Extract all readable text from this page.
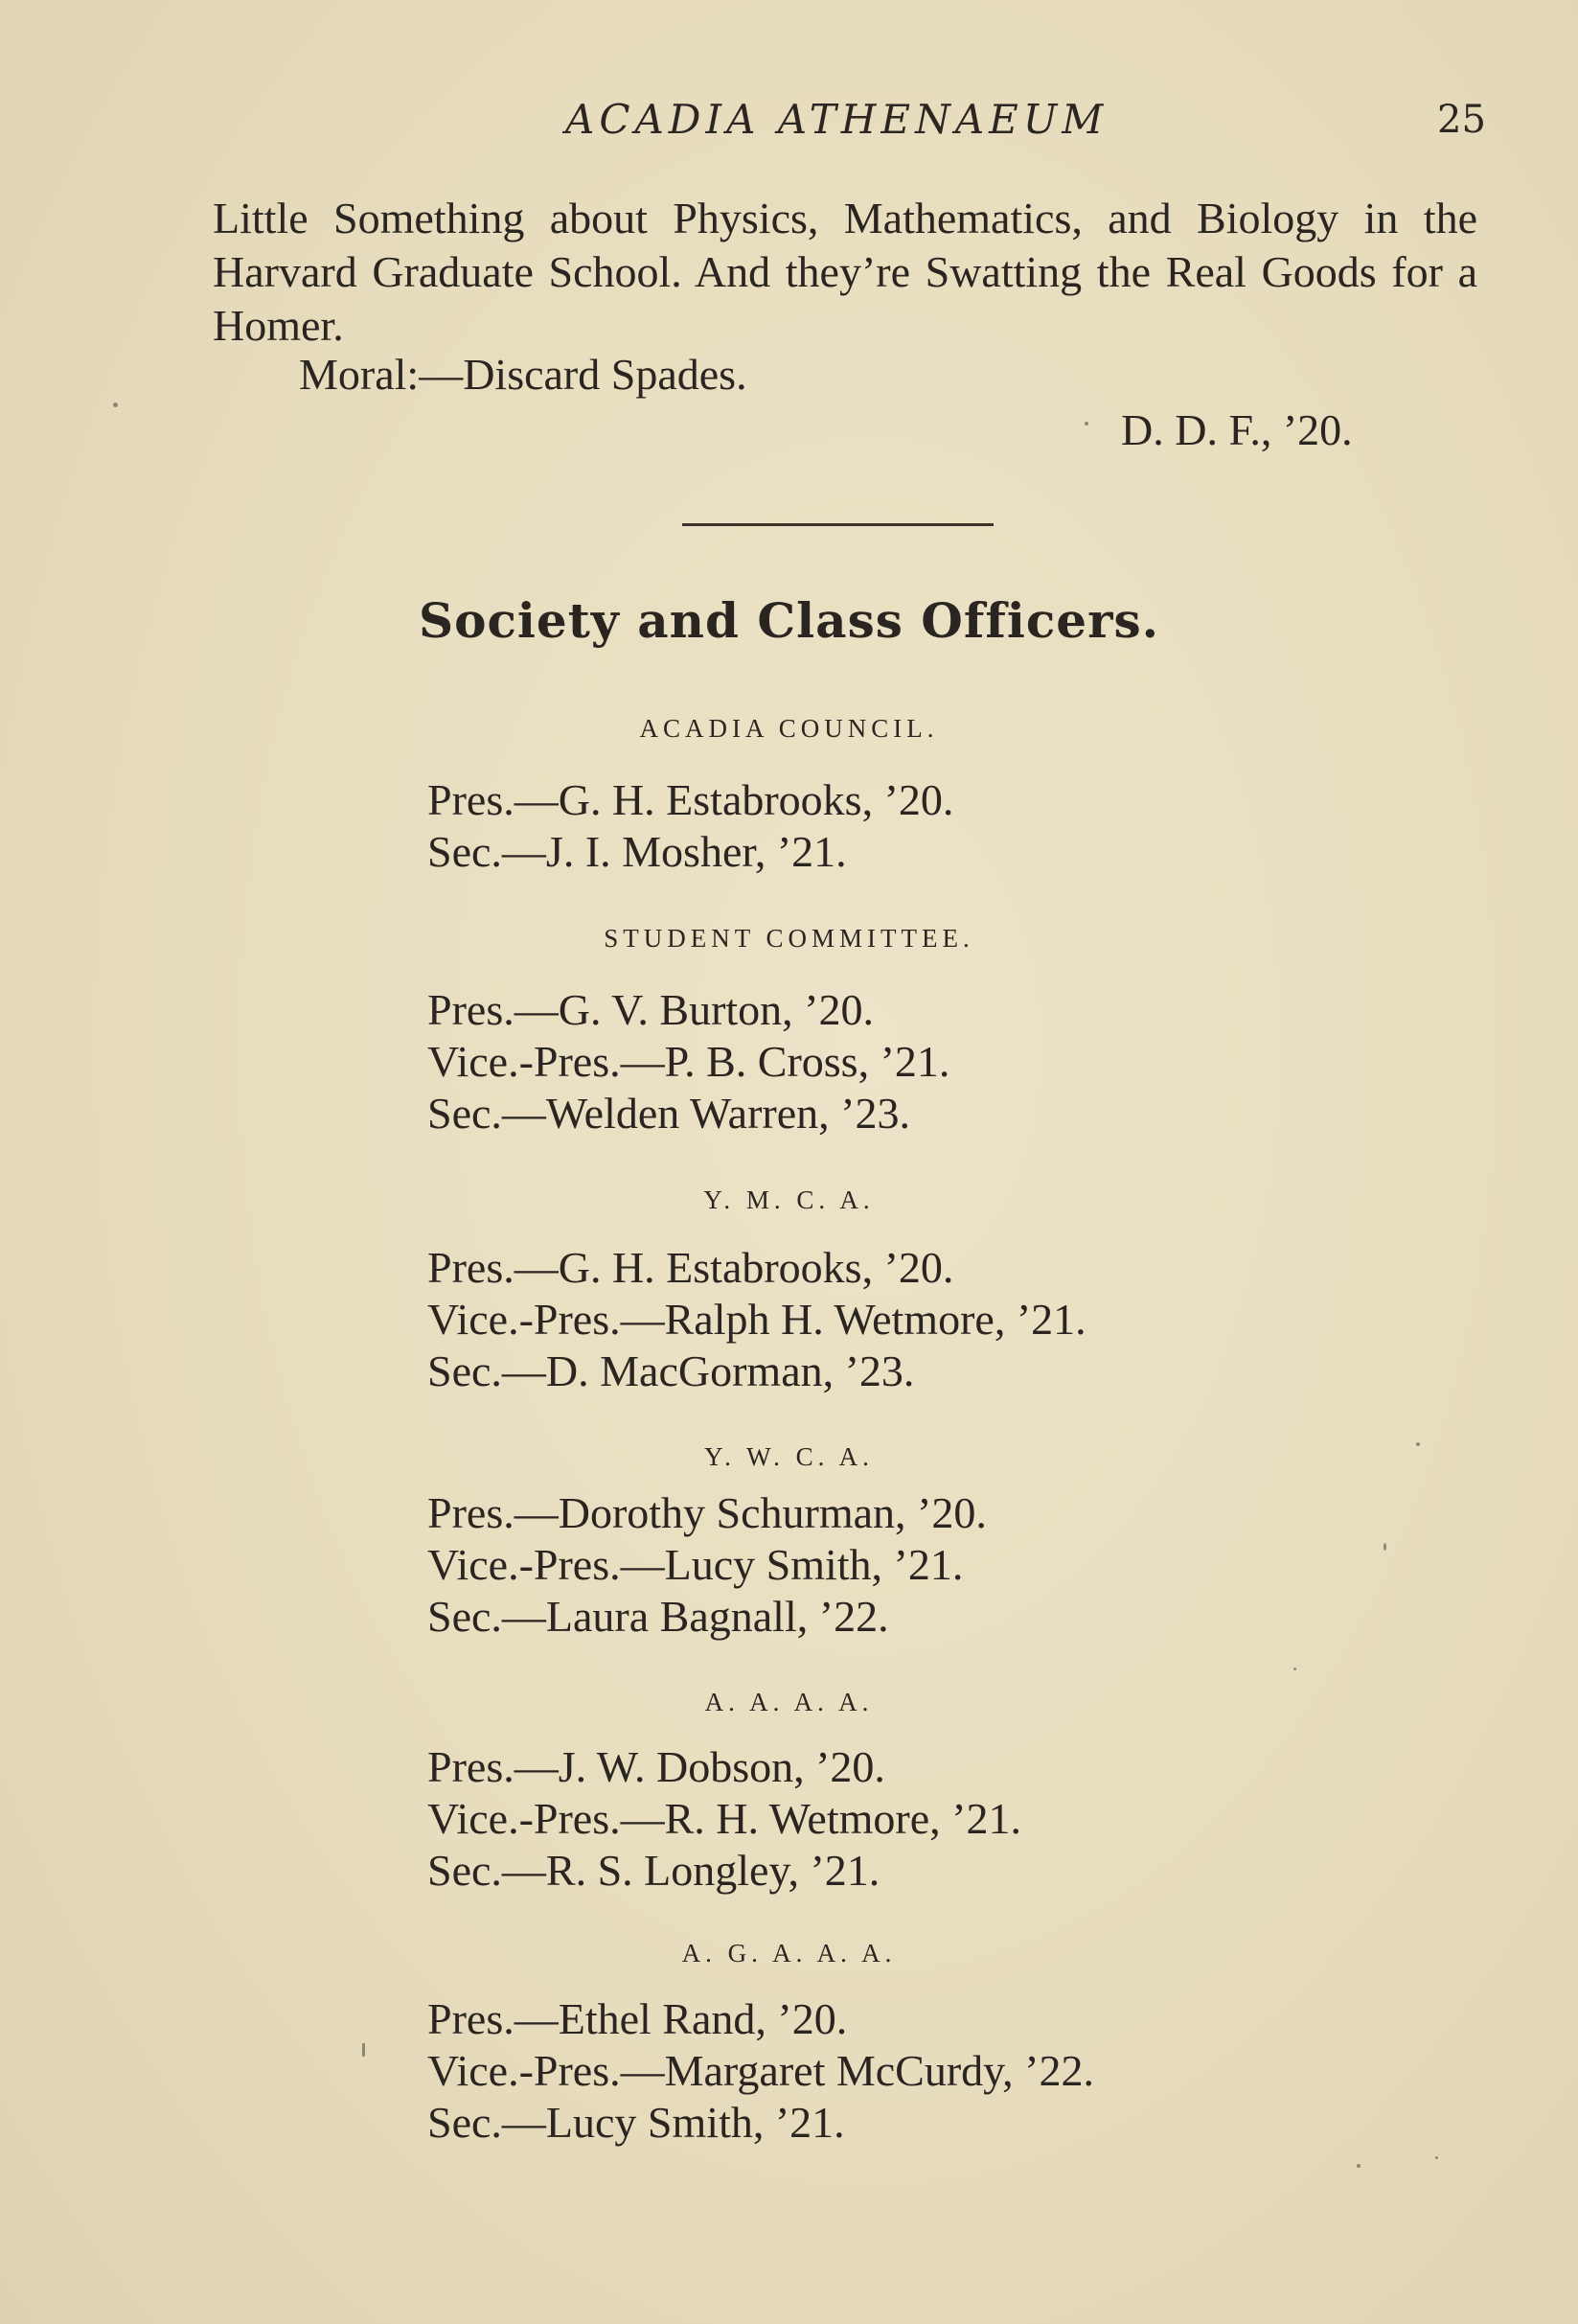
ACADIA ATHENAEUM	25

Little Something about Physics, Mathematics, and Biology in the Harvard Graduate School. And they’re Swatting the Real Goods for a Homer.

Moral:—Discard Spades.
D. D. F., ’20.
Society and Class Officers.
ACADIA COUNCIL.
Pres.—G. H. Estabrooks, ’20.
Sec.—J. I. Mosher, ’21.
STUDENT COMMITTEE.
Pres.—G. V. Burton, ’20.
Vice.-Pres.—P. B. Cross, ’21.
Sec.—Welden Warren, ’23.
Y. M. C. A.
Pres.—G. H. Estabrooks, ’20.
Vice.-Pres.—Ralph H. Wetmore, ’21.
Sec.—D. MacGorman, ’23.
Y. W. C. A.
Pres.—Dorothy Schurman, ’20.
Vice.-Pres.—Lucy Smith, ’21.
Sec.—Laura Bagnall, ’22.
A. A. A. A.
Pres.—J. W. Dobson, ’20.
Vice.-Pres.—R. H. Wetmore, ’21.
Sec.—R. S. Longley, ’21.
A. G. A. A. A.
Pres.—Ethel Rand, ’20.
Vice.-Pres.—Margaret McCurdy, ’22.
Sec.—Lucy Smith, ’21.
